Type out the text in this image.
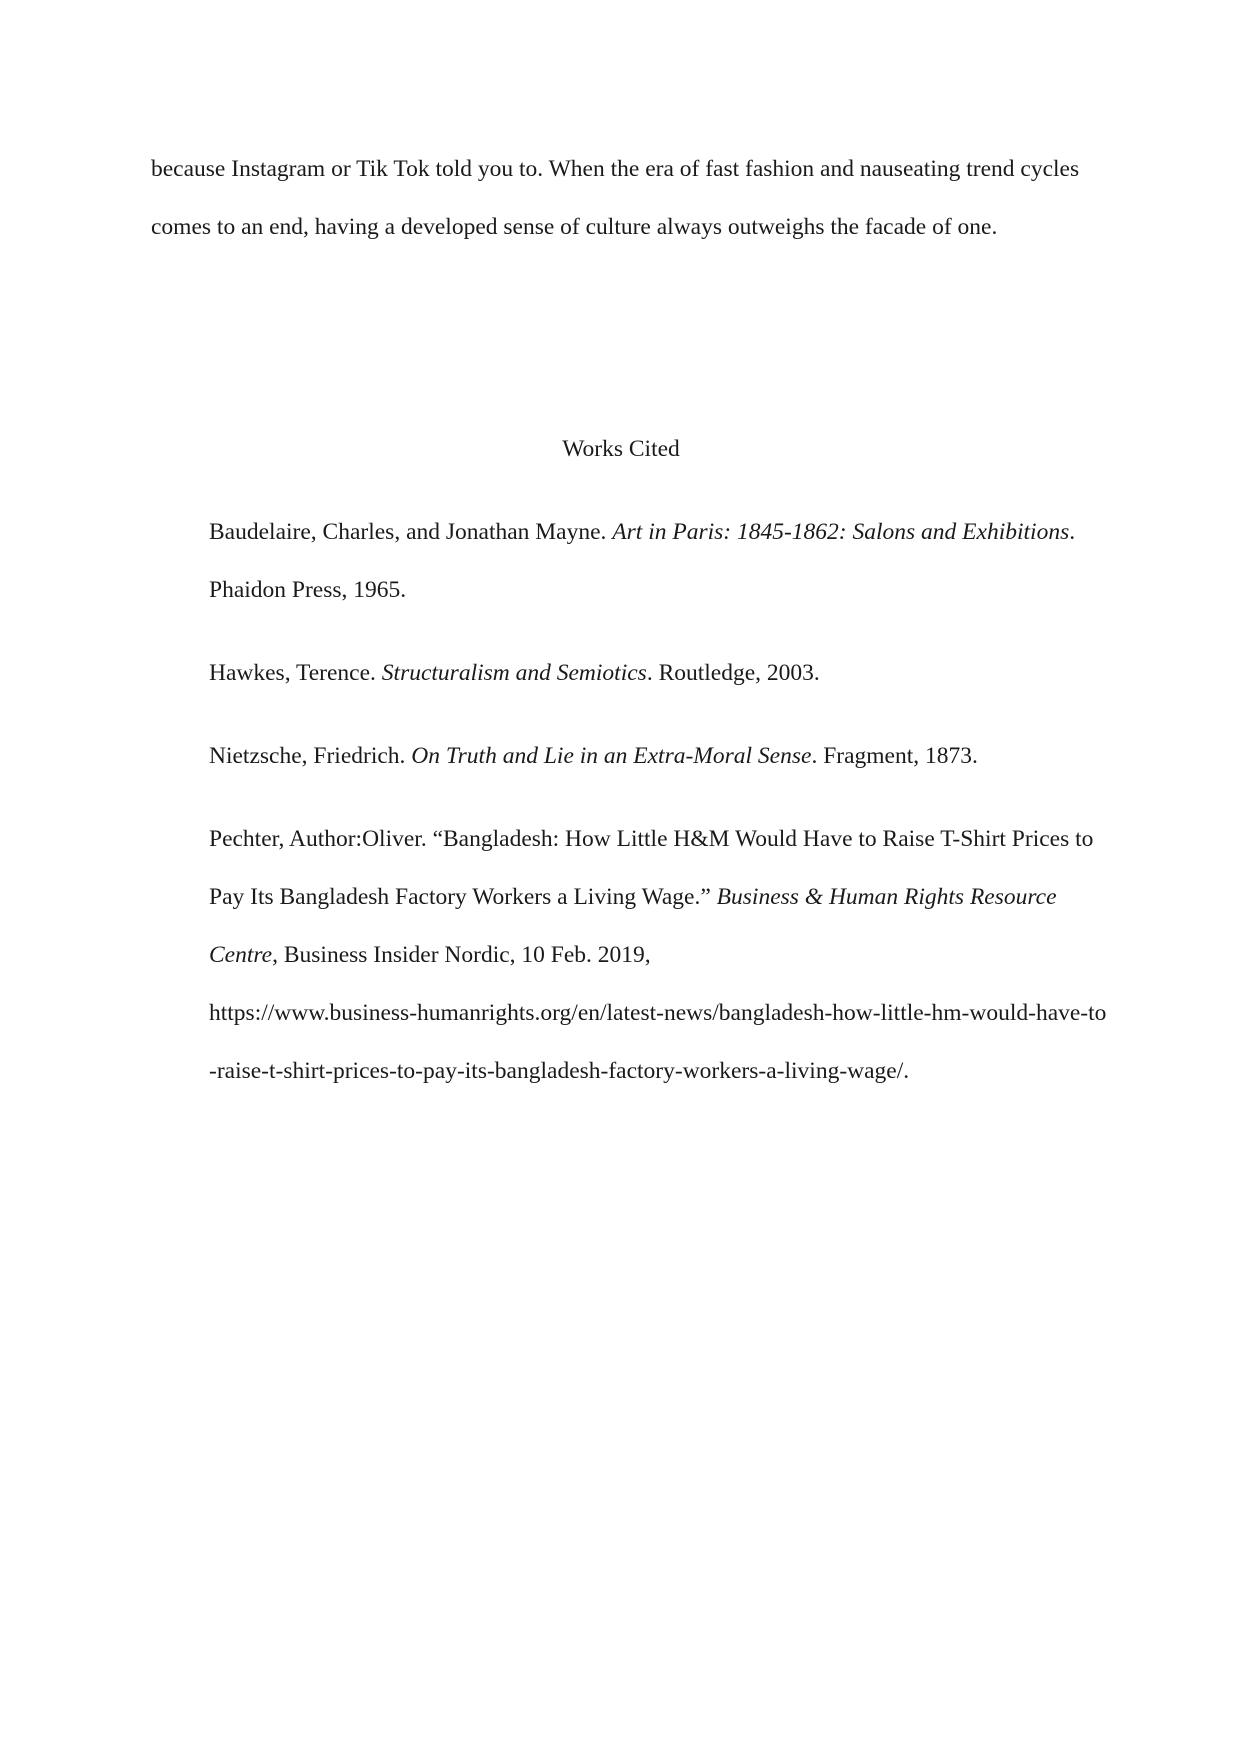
because Instagram or Tik Tok told you to. When the era of fast fashion and nauseating trend cycles comes to an end, having a developed sense of culture always outweighs the facade of one.

Works Cited
Baudelaire, Charles, and Jonathan Mayne. Art in Paris: 1845-1862: Salons and Exhibitions. Phaidon Press, 1965.
Hawkes, Terence. Structuralism and Semiotics. Routledge, 2003.
Nietzsche, Friedrich. On Truth and Lie in an Extra-Moral Sense. Fragment, 1873.
Pechter, Author:Oliver. “Bangladesh: How Little H&M Would Have to Raise T-Shirt Prices to Pay Its Bangladesh Factory Workers a Living Wage.” Business & Human Rights Resource Centre, Business Insider Nordic, 10 Feb. 2019,
https://www.business-humanrights.org/en/latest-news/bangladesh-how-little-hm-would-have-to-raise-t-shirt-prices-to-pay-its-bangladesh-factory-workers-a-living-wage/.
